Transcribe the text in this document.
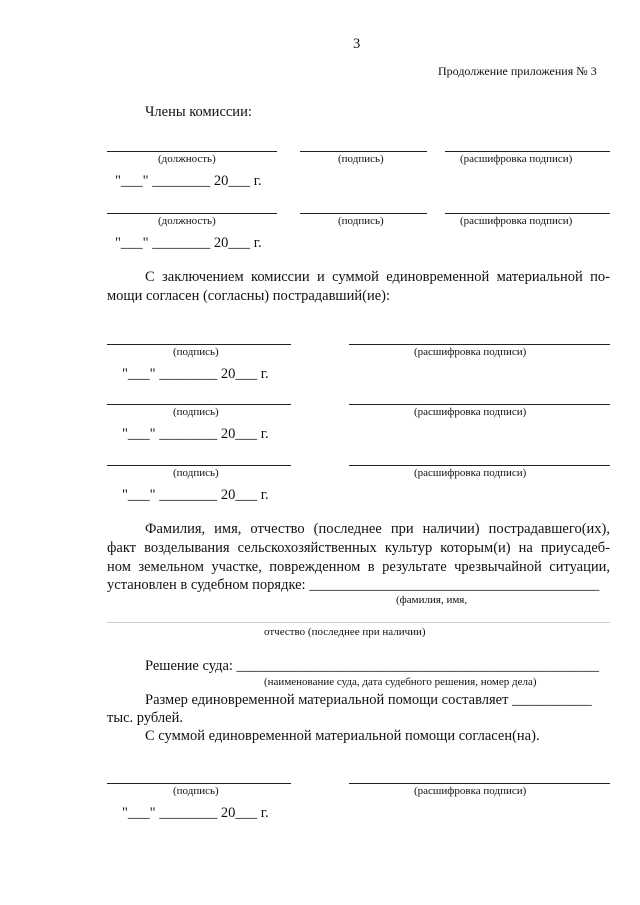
3
Продолжение приложения № 3
Члены комиссии:
(должность)	(подпись)	(расшифровка подписи)
"___" ________ 20___ г.
(должность)	(подпись)	(расшифровка подписи)
"___" ________ 20___ г.
С заключением комиссии и суммой единовременной материальной по-
мощи согласен (согласны) пострадавший(ие):
(подпись)	(расшифровка подписи)
"___" ________ 20___ г.
(подпись)	(расшифровка подписи)
"___" ________ 20___ г.
(подпись)	(расшифровка подписи)
"___" ________ 20___ г.
Фамилия, имя, отчество (последнее при наличии) пострадавшего(их),
факт возделывания сельскохозяйственных культур которым(и) на приусадеб-
ном земельном участке, поврежденном в результате чрезвычайной ситуации,
установлен в судебном порядке: ________________________________________
(фамилия, имя,
отчество (последнее при наличии)
Решение суда: __________________________________________________
(наименование суда, дата судебного решения, номер дела)
Размер единовременной материальной помощи составляет ___________
тыс. рублей.
С суммой единовременной материальной помощи согласен(на).
(подпись)	(расшифровка подписи)
"___" ________ 20___ г.
